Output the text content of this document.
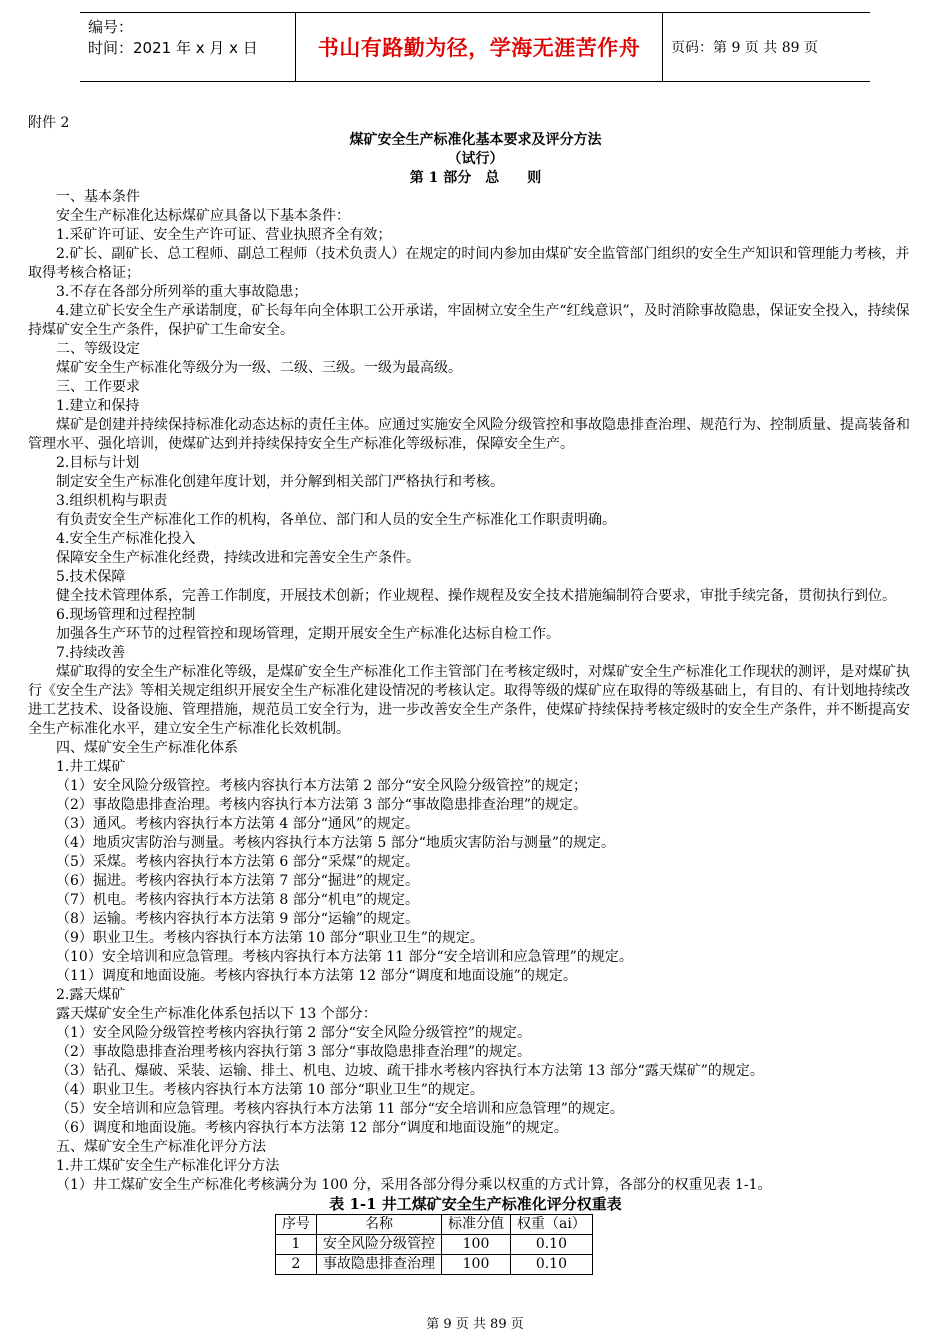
编号：
时间：2021 年 x 月 x 日	书山有路勤为径，学海无涯苦作舟	页码：第 9 页 共 89 页
附件 2
煤矿安全生产标准化基本要求及评分方法
（试行）
第 1 部分　总　　则

一、基本条件

安全生产标准化达标煤矿应具备以下基本条件：

1.采矿许可证、安全生产许可证、营业执照齐全有效；

2.矿长、副矿长、总工程师、副总工程师（技术负责人）在规定的时间内参加由煤矿安全监管部门组织的安全生产知识和管理能力考核，并取得考核合格证；

3.不存在各部分所列举的重大事故隐患；

4.建立矿长安全生产承诺制度，矿长每年向全体职工公开承诺，牢固树立安全生产“红线意识”，及时消除事故隐患，保证安全投入，持续保持煤矿安全生产条件，保护矿工生命安全。

二、等级设定

煤矿安全生产标准化等级分为一级、二级、三级。一级为最高级。

三、工作要求

1.建立和保持

煤矿是创建并持续保持标准化动态达标的责任主体。应通过实施安全风险分级管控和事故隐患排查治理、规范行为、控制质量、提高装备和管理水平、强化培训，使煤矿达到并持续保持安全生产标准化等级标准，保障安全生产。

2.目标与计划

制定安全生产标准化创建年度计划，并分解到相关部门严格执行和考核。

3.组织机构与职责

有负责安全生产标准化工作的机构，各单位、部门和人员的安全生产标准化工作职责明确。

4.安全生产标准化投入

保障安全生产标准化经费，持续改进和完善安全生产条件。

5.技术保障

健全技术管理体系，完善工作制度，开展技术创新；作业规程、操作规程及安全技术措施编制符合要求，审批手续完备，贯彻执行到位。

6.现场管理和过程控制

加强各生产环节的过程管控和现场管理，定期开展安全生产标准化达标自检工作。

7.持续改善

煤矿取得的安全生产标准化等级，是煤矿安全生产标准化工作主管部门在考核定级时，对煤矿安全生产标准化工作现状的测评，是对煤矿执行《安全生产法》等相关规定组织开展安全生产标准化建设情况的考核认定。取得等级的煤矿应在取得的等级基础上，有目的、有计划地持续改进工艺技术、设备设施、管理措施，规范员工安全行为，进一步改善安全生产条件，使煤矿持续保持考核定级时的安全生产条件，并不断提高安全生产标准化水平，建立安全生产标准化长效机制。

四、煤矿安全生产标准化体系

1.井工煤矿

（1）安全风险分级管控。考核内容执行本方法第 2 部分“安全风险分级管控”的规定；

（2）事故隐患排查治理。考核内容执行本方法第 3 部分“事故隐患排查治理”的规定。

（3）通风。考核内容执行本方法第 4 部分“通风”的规定。

（4）地质灾害防治与测量。考核内容执行本方法第 5 部分“地质灾害防治与测量”的规定。

（5）采煤。考核内容执行本方法第 6 部分“采煤”的规定。

（6）掘进。考核内容执行本方法第 7 部分“掘进”的规定。

（7）机电。考核内容执行本方法第 8 部分“机电”的规定。

（8）运输。考核内容执行本方法第 9 部分“运输”的规定。

（9）职业卫生。考核内容执行本方法第 10 部分“职业卫生”的规定。

（10）安全培训和应急管理。考核内容执行本方法第 11 部分“安全培训和应急管理”的规定。

（11）调度和地面设施。考核内容执行本方法第 12 部分“调度和地面设施”的规定。

2.露天煤矿

露天煤矿安全生产标准化体系包括以下 13 个部分：

（1）安全风险分级管控考核内容执行第 2 部分“安全风险分级管控”的规定。

（2）事故隐患排查治理考核内容执行第 3 部分“事故隐患排查治理”的规定。

（3）钻孔、爆破、采装、运输、排土、机电、边坡、疏干排水考核内容执行本方法第 13 部分“露天煤矿”的规定。

（4）职业卫生。考核内容执行本方法第 10 部分“职业卫生”的规定。

（5）安全培训和应急管理。考核内容执行本方法第 11 部分“安全培训和应急管理”的规定。

（6）调度和地面设施。考核内容执行本方法第 12 部分“调度和地面设施”的规定。

五、煤矿安全生产标准化评分方法

1.井工煤矿安全生产标准化评分方法

（1）井工煤矿安全生产标准化考核满分为 100 分，采用各部分得分乘以权重的方式计算，各部分的权重见表 1-1。

表 1-1 井工煤矿安全生产标准化评分权重表
序号	名称	标准分值	权重（ai）
1	安全风险分级管控	100	0.10
2	事故隐患排查治理	100	0.10
第 9 页 共 89 页
